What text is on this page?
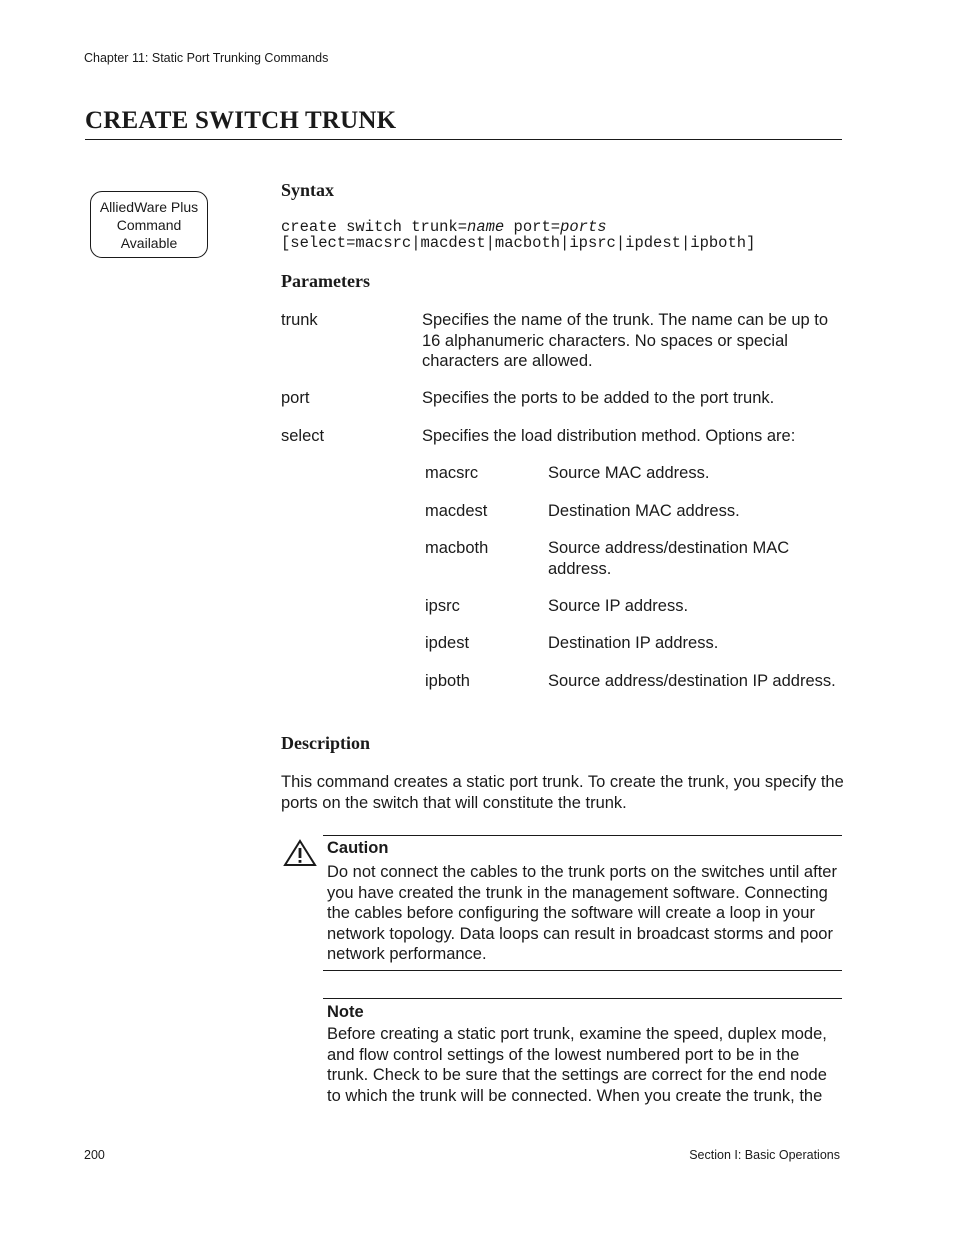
Chapter 11: Static Port Trunking Commands
CREATE SWITCH TRUNK
AlliedWare Plus
Command
Available
Syntax
create switch trunk=name port=ports
[select=macsrc|macdest|macboth|ipsrc|ipdest|ipboth]
Parameters
trunk	Specifies the name of the trunk. The name can be up to 16 alphanumeric characters. No spaces or special characters are allowed.
port	Specifies the ports to be added to the port trunk.
select	Specifies the load distribution method. Options are:
macsrc	Source MAC address.
macdest	Destination MAC address.
macboth	Source address/destination MAC address.
ipsrc	Source IP address.
ipdest	Destination IP address.
ipboth	Source address/destination IP address.
Description
This command creates a static port trunk. To create the trunk, you specify the ports on the switch that will constitute the trunk.
Caution
Do not connect the cables to the trunk ports on the switches until after you have created the trunk in the management software. Connecting the cables before configuring the software will create a loop in your network topology. Data loops can result in broadcast storms and poor network performance.
Note
Before creating a static port trunk, examine the speed, duplex mode, and flow control settings of the lowest numbered port to be in the trunk. Check to be sure that the settings are correct for the end node to which the trunk will be connected. When you create the trunk, the
200	Section I: Basic Operations
